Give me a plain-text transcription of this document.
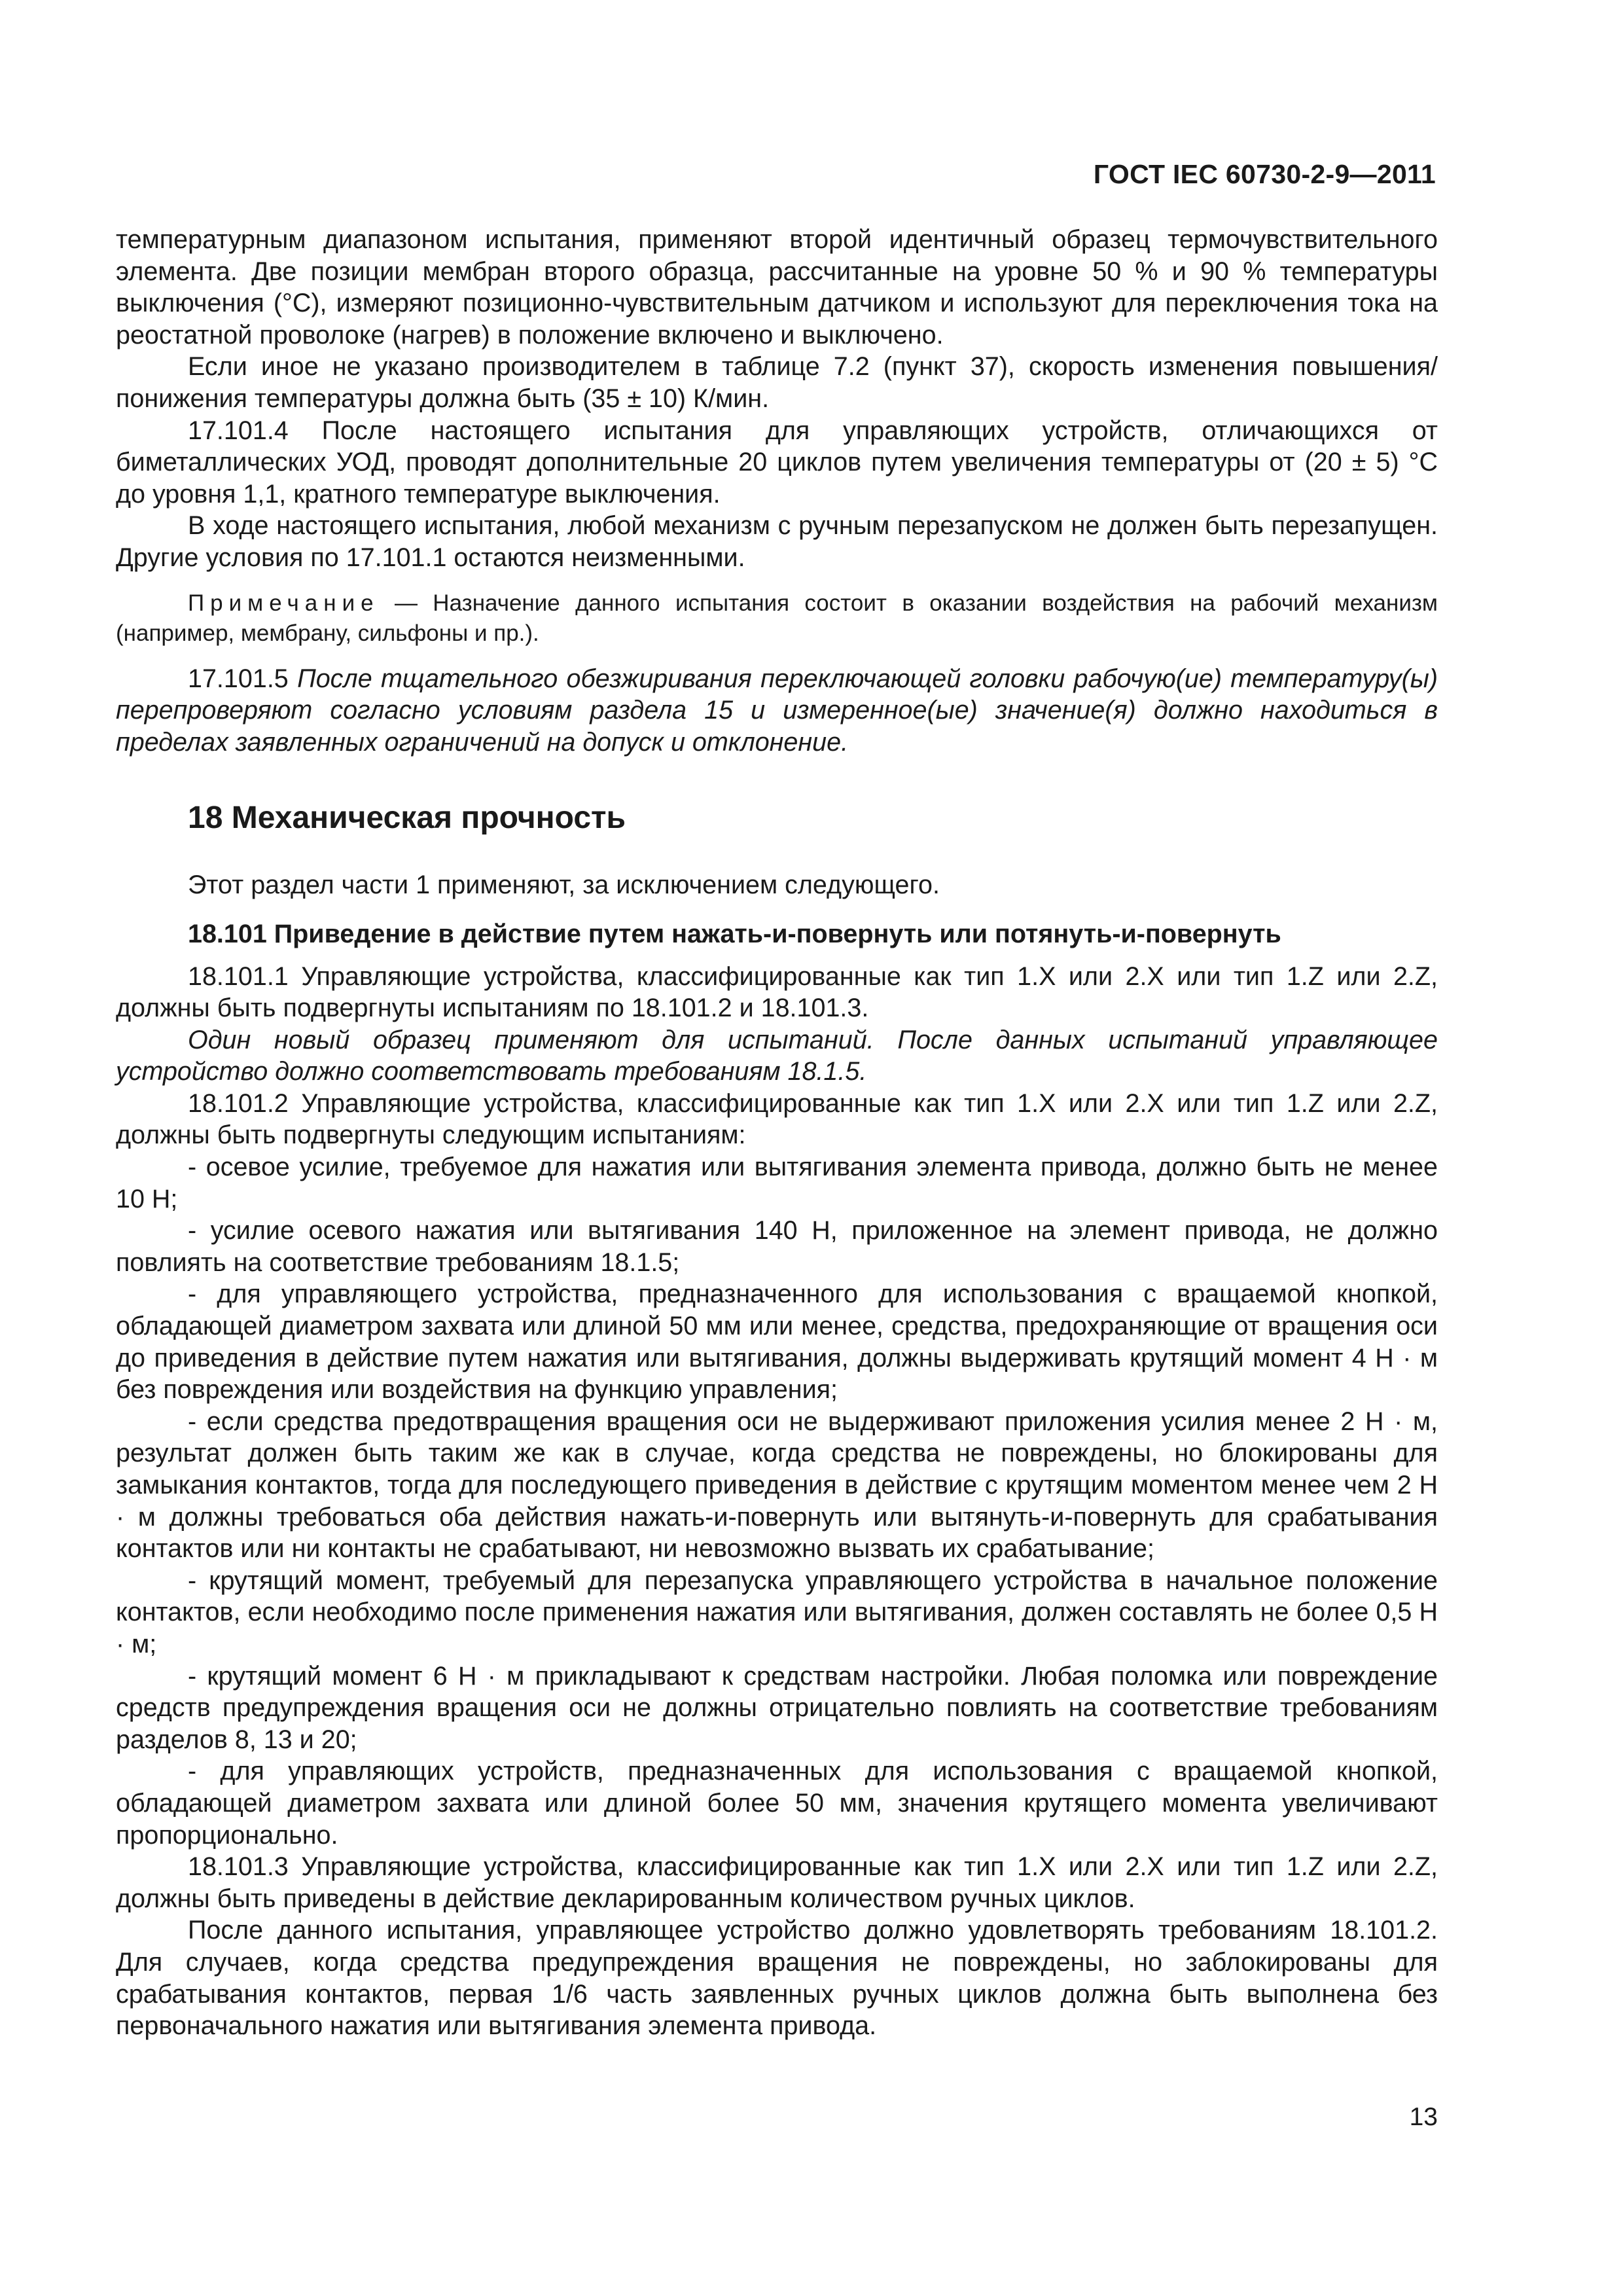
ГОСТ IEC 60730-2-9—2011

температурным диапазоном испытания, применяют второй идентичный образец термочувствительного элемента. Две позиции мембран второго образца, рассчитанные на уровне 50 % и 90 % температуры выключения (°С), измеряют позиционно-чувствительным датчиком и используют для переключения тока на реостатной проволоке (нагрев) в положение включено и выключено.

Если иное не указано производителем в таблице 7.2 (пункт 37), скорость изменения повышения/понижения температуры должна быть (35 ± 10) К/мин.

17.101.4 После настоящего испытания для управляющих устройств, отличающихся от биметаллических УОД, проводят дополнительные 20 циклов путем увеличения температуры от (20 ± 5) °С до уровня 1,1, кратного температуре выключения.

В ходе настоящего испытания, любой механизм с ручным перезапуском не должен быть перезапущен. Другие условия по 17.101.1 остаются неизменными.

Примечание — Назначение данного испытания состоит в оказании воздействия на рабочий механизм (например, мембрану, сильфоны и пр.).

17.101.5 После тщательного обезжиривания переключающей головки рабочую(ие) температуру(ы) перепроверяют согласно условиям раздела 15 и измеренное(ые) значение(я) должно находиться в пределах заявленных ограничений на допуск и отклонение.

18 Механическая прочность

Этот раздел части 1 применяют, за исключением следующего.

18.101 Приведение в действие путем нажать-и-повернуть или потянуть-и-повернуть

18.101.1 Управляющие устройства, классифицированные как тип 1.X или 2.X или тип 1.Z или 2.Z, должны быть подвергнуты испытаниям по 18.101.2 и 18.101.3.

Один новый образец применяют для испытаний. После данных испытаний управляющее устройство должно соответствовать требованиям 18.1.5.

18.101.2 Управляющие устройства, классифицированные как тип 1.X или 2.X или тип 1.Z или 2.Z, должны быть подвергнуты следующим испытаниям:

- осевое усилие, требуемое для нажатия или вытягивания элемента привода, должно быть не менее 10 Н;

- усилие осевого нажатия или вытягивания 140 Н, приложенное на элемент привода, не должно повлиять на соответствие требованиям 18.1.5;

- для управляющего устройства, предназначенного для использования с вращаемой кнопкой, обладающей диаметром захвата или длиной 50 мм или менее, средства, предохраняющие от вращения оси до приведения в действие путем нажатия или вытягивания, должны выдерживать крутящий момент 4 Н · м без повреждения или воздействия на функцию управления;

- если средства предотвращения вращения оси не выдерживают приложения усилия менее 2 Н · м, результат должен быть таким же как в случае, когда средства не повреждены, но блокированы для замыкания контактов, тогда для последующего приведения в действие с крутящим моментом менее чем 2 Н · м должны требоваться оба действия нажать-и-повернуть или вытянуть-и-повернуть для срабатывания контактов или ни контакты не срабатывают, ни невозможно вызвать их срабатывание;

- крутящий момент, требуемый для перезапуска управляющего устройства в начальное положение контактов, если необходимо после применения нажатия или вытягивания, должен составлять не более 0,5 Н · м;

- крутящий момент 6 Н · м прикладывают к средствам настройки. Любая поломка или повреждение средств предупреждения вращения оси не должны отрицательно повлиять на соответствие требованиям разделов 8, 13 и 20;

- для управляющих устройств, предназначенных для использования с вращаемой кнопкой, обладающей диаметром захвата или длиной более 50 мм, значения крутящего момента увеличивают пропорционально.

18.101.3 Управляющие устройства, классифицированные как тип 1.X или 2.X или тип 1.Z или 2.Z, должны быть приведены в действие декларированным количеством ручных циклов.

После данного испытания, управляющее устройство должно удовлетворять требованиям 18.101.2. Для случаев, когда средства предупреждения вращения не повреждены, но заблокированы для срабатывания контактов, первая 1/6 часть заявленных ручных циклов должна быть выполнена без первоначального нажатия или вытягивания элемента привода.

13
